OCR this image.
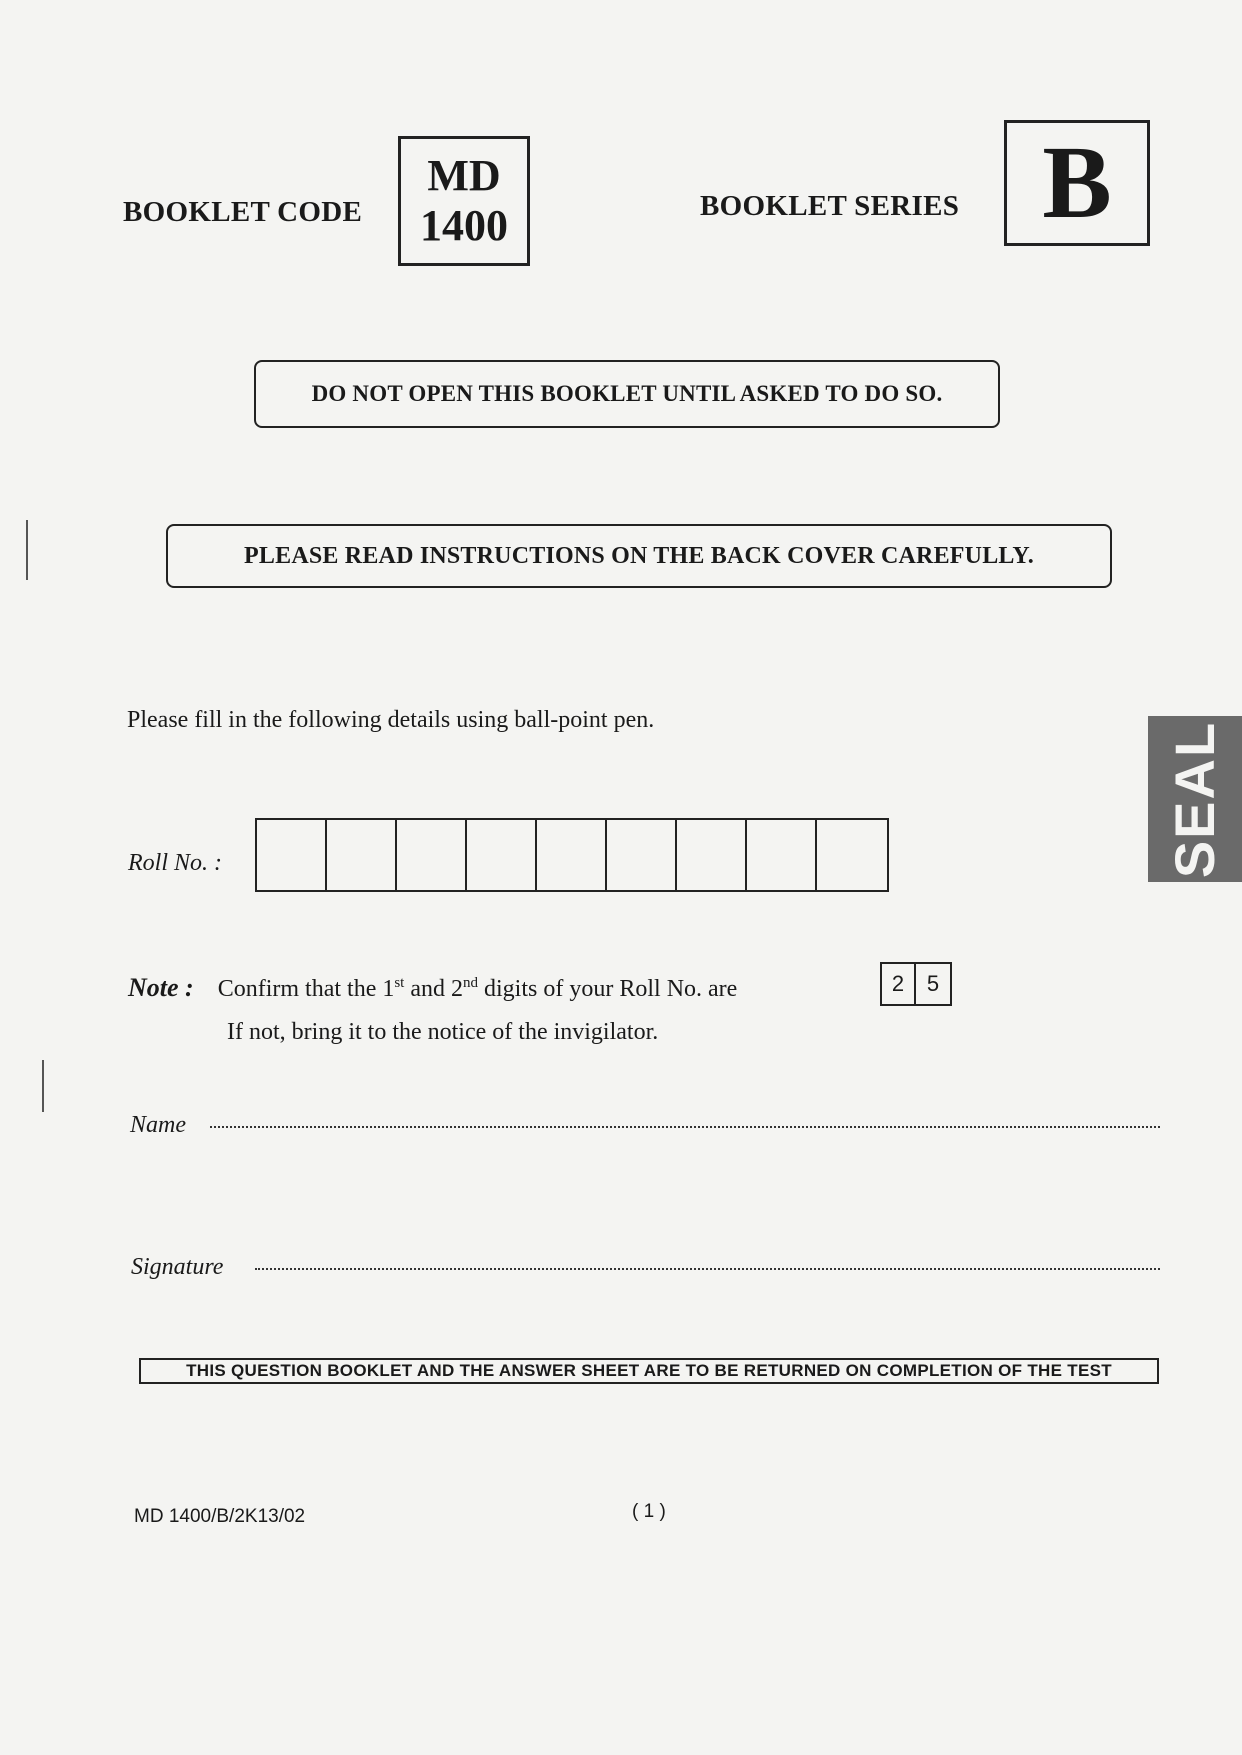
BOOKLET CODE
MD
1400	BOOKLET SERIES B
DO NOT OPEN THIS BOOKLET UNTIL ASKED TO DO SO.
PLEASE READ INSTRUCTIONS ON THE BACK COVER CAREFULLY.
Please fill in the following details using ball-point pen.
Roll No. :
Note : Confirm that the 1st and 2nd digits of your Roll No. are	2	5
If not, bring it to the notice of the invigilator.
Name
Signature
THIS QUESTION BOOKLET AND THE ANSWER SHEET ARE TO BE RETURNED ON COMPLETION OF THE TEST
MD 1400/B/2K13/02	( 1 )
SEAL
